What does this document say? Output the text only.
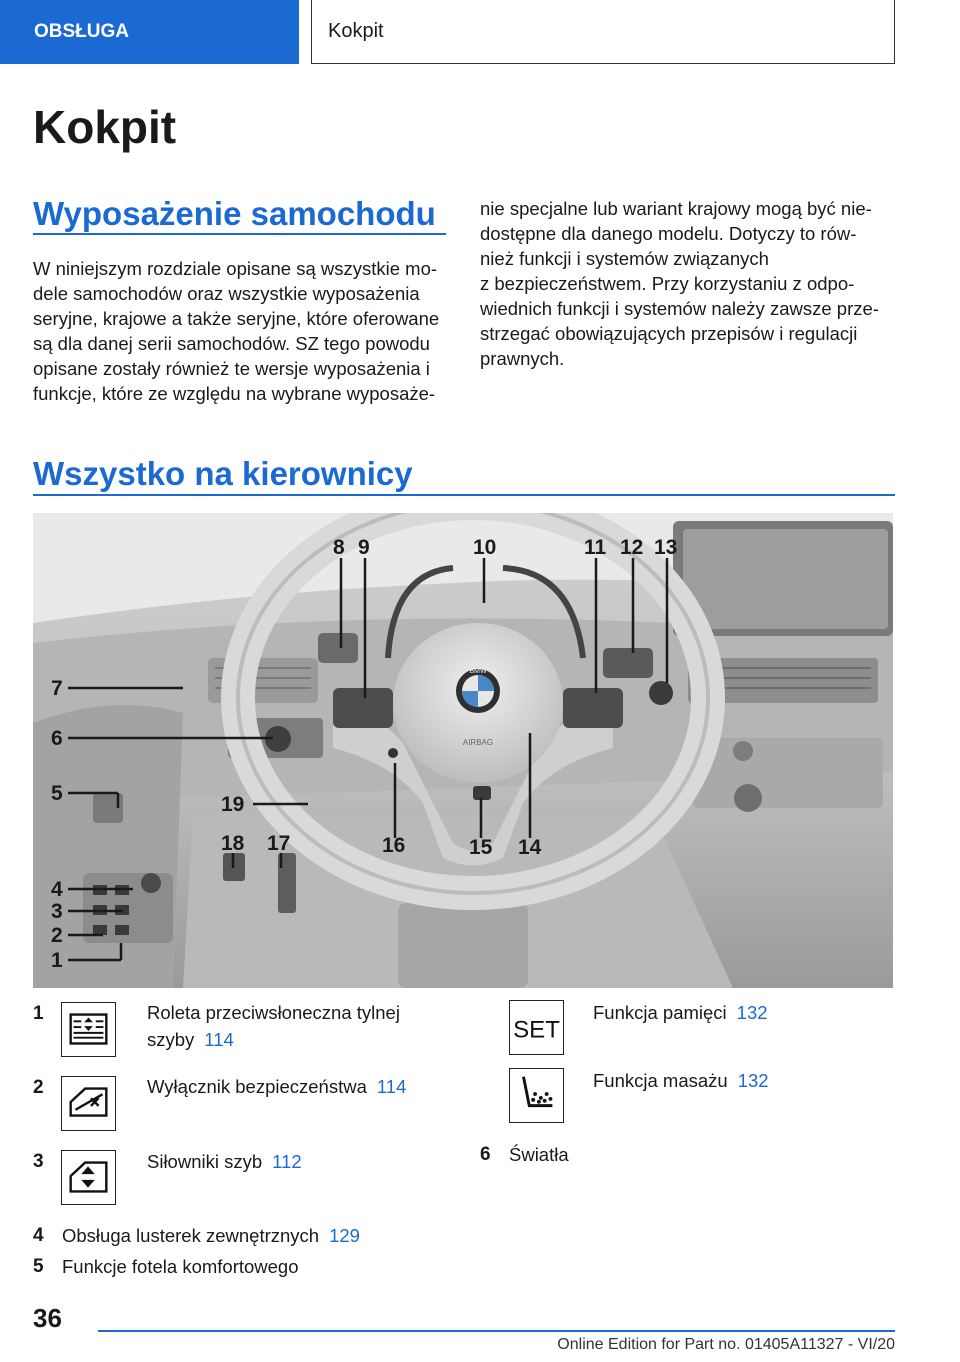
OBSŁUGA	Kokpit
Kokpit
Wyposażenie samochodu
W niniejszym rozdziale opisane są wszystkie mo‐
dele samochodów oraz wszystkie wyposażenia
seryjne, krajowe a także seryjne, które oferowane
są dla danej serii samochodów. SZ tego powodu
opisane zostały również te wersje wyposażenia i
funkcje, które ze względu na wybrane wyposaże‐
nie specjalne lub wariant krajowy mogą być nie‐
dostępne dla danego modelu. Dotyczy to rów‐
nież funkcji i systemów związanych
z bezpieczeństwem. Przy korzystaniu z odpo‐
wiednich funkcji i systemów należy zawsze prze‐
strzegać obowiązujących przepisów i regulacji
prawnych.
Wszystko na kierownicy
BMW
AIRBAG
8 9	10	11 12 13
7
6
5	19
18 17	16	15 14
4
3
2
1
1	Roleta przeciwsłoneczna tylnej
szyby 114
2	Wyłącznik bezpieczeństwa 114
3	Siłowniki szyb 112
4 Obsługa lusterek zewnętrznych 129
5 Funkcje fotela komfortowego
SET
Funkcja pamięci 132
Funkcja masażu 132
6 Światła
36
Online Edition for Part no. 01405A11327 - VI/20
